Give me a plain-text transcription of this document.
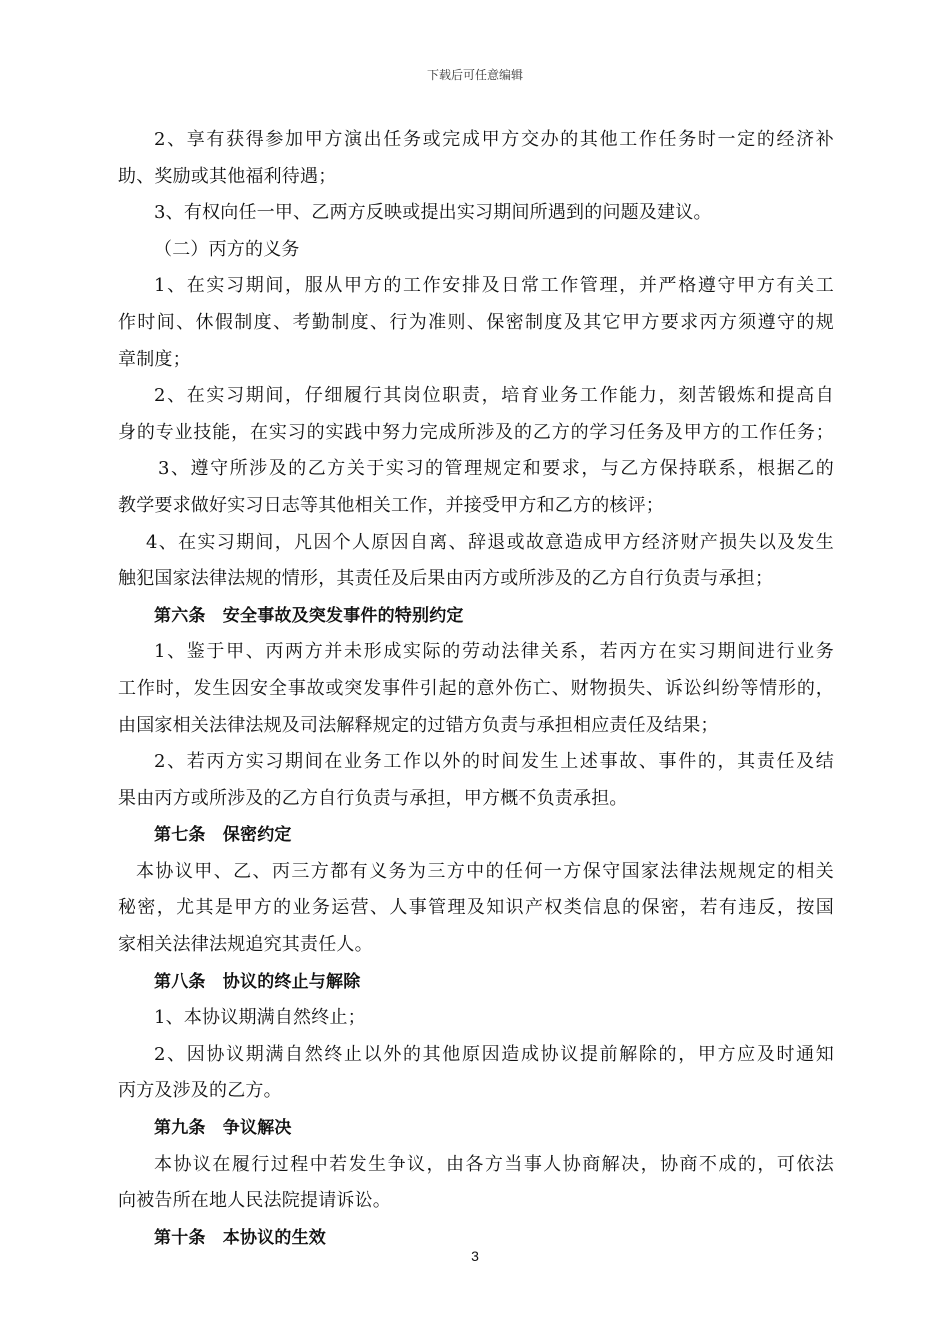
下载后可任意编辑
2、享有获得参加甲方演出任务或完成甲方交办的其他工作任务时一定的经济补
助、奖励或其他福利待遇；
3、有权向任一甲、乙两方反映或提出实习期间所遇到的问题及建议。
（二）丙方的义务
1、在实习期间，服从甲方的工作安排及日常工作管理，并严格遵守甲方有关工
作时间、休假制度、考勤制度、行为准则、保密制度及其它甲方要求丙方须遵守的规
章制度；
2、在实习期间，仔细履行其岗位职责，培育业务工作能力，刻苦锻炼和提高自
身的专业技能，在实习的实践中努力完成所涉及的乙方的学习任务及甲方的工作任务；
3、遵守所涉及的乙方关于实习的管理规定和要求，与乙方保持联系，根据乙的
教学要求做好实习日志等其他相关工作，并接受甲方和乙方的核评；
4、在实习期间，凡因个人原因自离、辞退或故意造成甲方经济财产损失以及发生
触犯国家法律法规的情形，其责任及后果由丙方或所涉及的乙方自行负责与承担；
第六条　安全事故及突发事件的特别约定
1、鉴于甲、丙两方并未形成实际的劳动法律关系，若丙方在实习期间进行业务
工作时，发生因安全事故或突发事件引起的意外伤亡、财物损失、诉讼纠纷等情形的，
由国家相关法律法规及司法解释规定的过错方负责与承担相应责任及结果；
2、若丙方实习期间在业务工作以外的时间发生上述事故、事件的，其责任及结
果由丙方或所涉及的乙方自行负责与承担，甲方概不负责承担。
第七条　保密约定
本协议甲、乙、丙三方都有义务为三方中的任何一方保守国家法律法规规定的相关
秘密，尤其是甲方的业务运营、人事管理及知识产权类信息的保密，若有违反，按国
家相关法律法规追究其责任人。
第八条　协议的终止与解除
1、本协议期满自然终止；
2、因协议期满自然终止以外的其他原因造成协议提前解除的，甲方应及时通知
丙方及涉及的乙方。
第九条　争议解决
本协议在履行过程中若发生争议，由各方当事人协商解决，协商不成的，可依法
向被告所在地人民法院提请诉讼。
第十条　本协议的生效
3
